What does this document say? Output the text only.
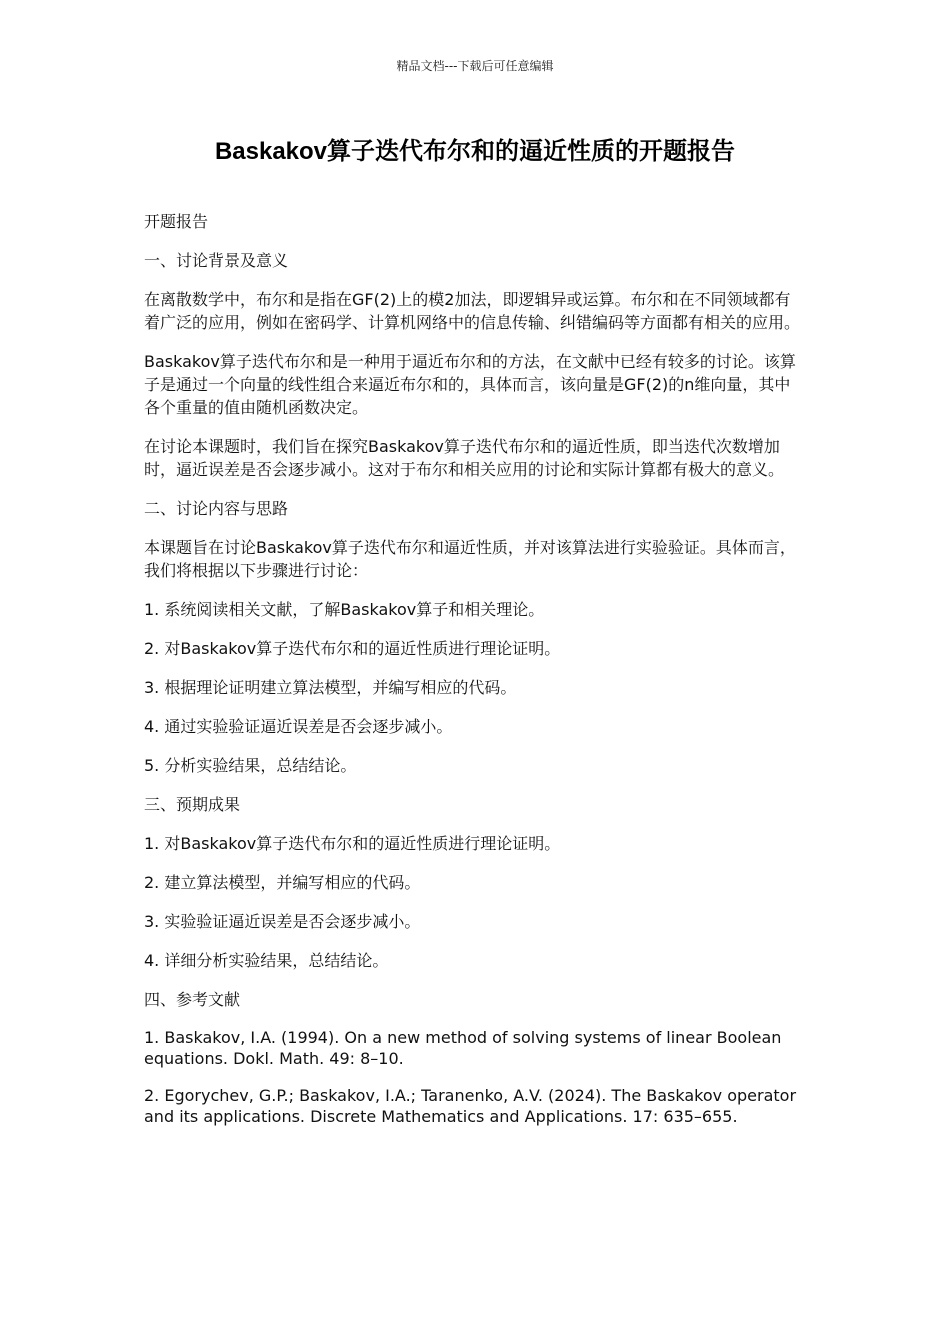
精品文档---下载后可任意编辑
Baskakov算子迭代布尔和的逼近性质的开题报告

开题报告

一、讨论背景及意义

在离散数学中，布尔和是指在GF(2)上的模2加法，即逻辑异或运算。布尔和在不同领域都有着广泛的应用，例如在密码学、计算机网络中的信息传输、纠错编码等方面都有相关的应用。

Baskakov算子迭代布尔和是一种用于逼近布尔和的方法，在文献中已经有较多的讨论。该算子是通过一个向量的线性组合来逼近布尔和的，具体而言，该向量是GF(2)的n维向量，其中各个重量的值由随机函数决定。

在讨论本课题时，我们旨在探究Baskakov算子迭代布尔和的逼近性质，即当迭代次数增加时，逼近误差是否会逐步减小。这对于布尔和相关应用的讨论和实际计算都有极大的意义。

二、讨论内容与思路

本课题旨在讨论Baskakov算子迭代布尔和逼近性质，并对该算法进行实验验证。具体而言，我们将根据以下步骤进行讨论：

1. 系统阅读相关文献，了解Baskakov算子和相关理论。

2. 对Baskakov算子迭代布尔和的逼近性质进行理论证明。

3. 根据理论证明建立算法模型，并编写相应的代码。

4. 通过实验验证逼近误差是否会逐步减小。

5. 分析实验结果，总结结论。

三、预期成果

1. 对Baskakov算子迭代布尔和的逼近性质进行理论证明。

2. 建立算法模型，并编写相应的代码。

3. 实验验证逼近误差是否会逐步减小。

4. 详细分析实验结果，总结结论。

四、参考文献

1. Baskakov, I.A. (1994). On a new method of solving systems of linear Boolean equations. Dokl. Math. 49: 8–10.

2. Egorychev, G.P.; Baskakov, I.A.; Taranenko, A.V. (2024). The Baskakov operator and its applications. Discrete Mathematics and Applications. 17: 635–655.
